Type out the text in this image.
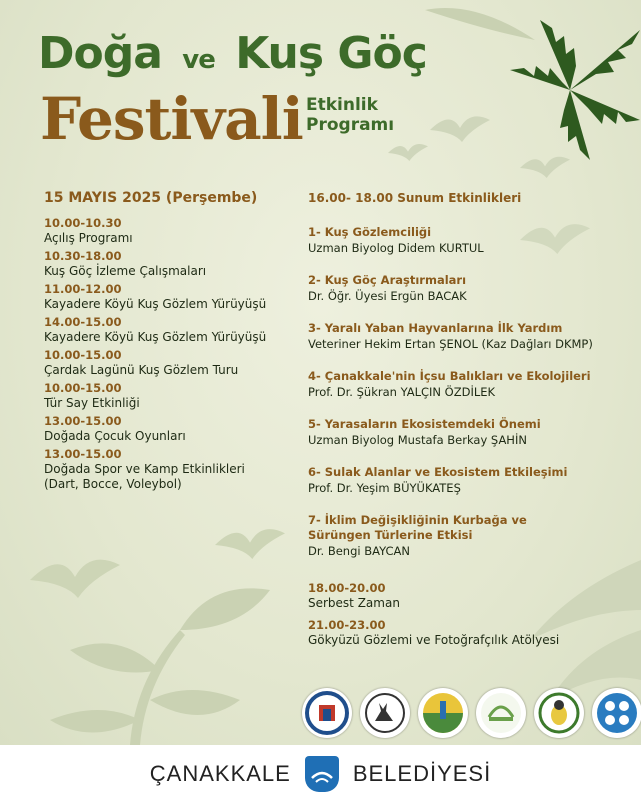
Doğa ve Kuş Göç
Festivali Etkinlik
Programı
15 MAYIS 2025 (Perşembe)
10.00-10.30
Açılış Programı
10.30-18.00
Kuş Göç İzleme Çalışmaları
11.00-12.00
Kayadere Köyü Kuş Gözlem Yürüyüşü
14.00-15.00
Kayadere Köyü Kuş Gözlem Yürüyüşü
10.00-15.00
Çardak Lagünü Kuş Gözlem Turu
10.00-15.00
Tür Say Etkinliği
13.00-15.00
Doğada Çocuk Oyunları
13.00-15.00
Doğada Spor ve Kamp Etkinlikleri
(Dart, Bocce, Voleybol)
16.00- 18.00 Sunum Etkinlikleri
1- Kuş Gözlemciliği
Uzman Biyolog Didem KURTUL
2- Kuş Göç Araştırmaları
Dr. Öğr. Üyesi Ergün BACAK
3- Yaralı Yaban Hayvanlarına İlk Yardım
Veteriner Hekim Ertan ŞENOL (Kaz Dağları DKMP)
4- Çanakkale'nin İçsu Balıkları ve Ekolojileri
Prof. Dr. Şükran YALÇIN ÖZDİLEK
5- Yarasaların Ekosistemdeki Önemi
Uzman Biyolog Mustafa Berkay ŞAHİN
6- Sulak Alanlar ve Ekosistem Etkileşimi
Prof. Dr. Yeşim BÜYÜKATEŞ
7- İklim Değişikliğinin Kurbağa ve
Sürüngen Türlerine Etkisi
Dr. Bengi BAYCAN
18.00-20.00
Serbest Zaman
21.00-23.00
Gökyüzü Gözlemi ve Fotoğrafçılık Atölyesi
ÇANAKKALE	BELEDİYESİ
